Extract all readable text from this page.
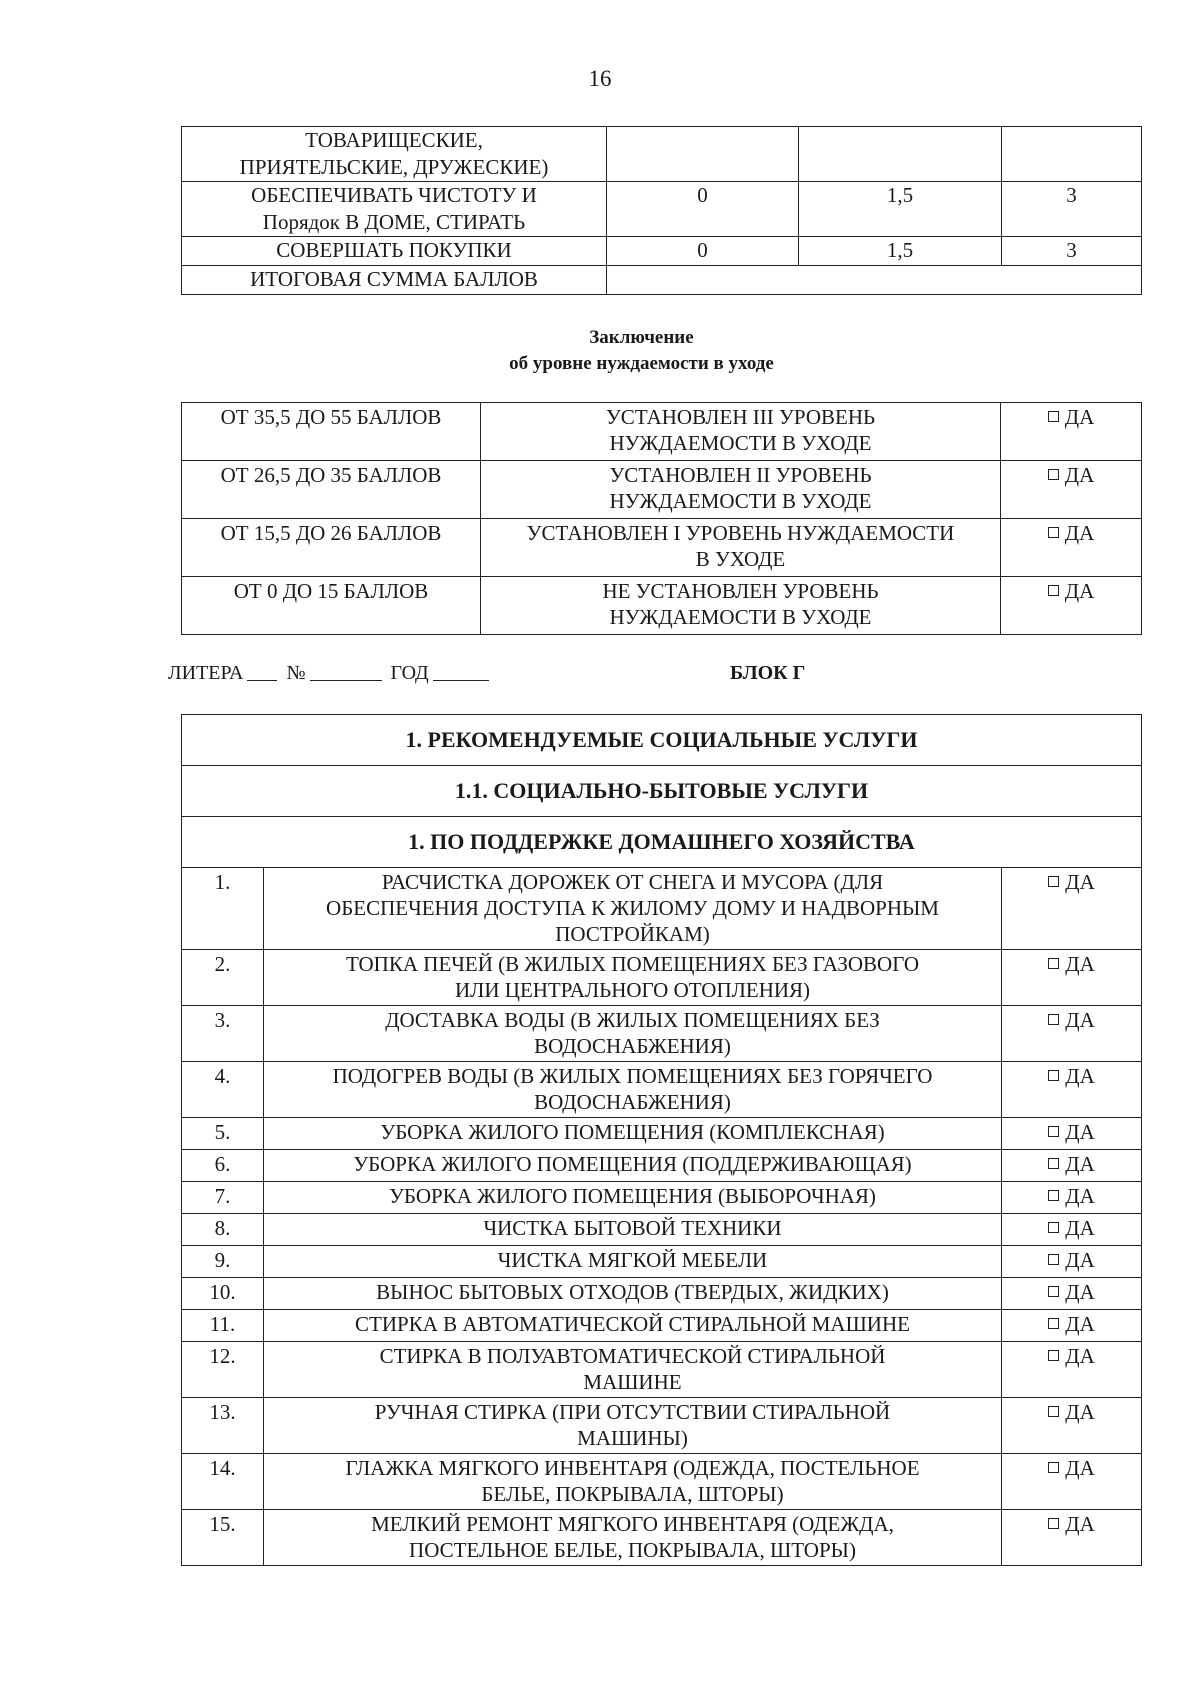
16
ТОВАРИЩЕСКИЕ,
ПРИЯТЕЛЬСКИЕ, ДРУЖЕСКИЕ)			
ОБЕСПЕЧИВАТЬ ЧИСТОТУ И
Порядок В ДОМЕ, СТИРАТЬ	0	1,5	3
СОВЕРШАТЬ ПОКУПКИ	0	1,5	3
ИТОГОВАЯ СУММА БАЛЛОВ			
Заключение
об уровне нуждаемости в уходе
ОТ 35,5 ДО 55 БАЛЛОВ	УСТАНОВЛЕН III УРОВЕНЬ
НУЖДАЕМОСТИ В УХОДЕ	ДА
ОТ 26,5 ДО 35 БАЛЛОВ	УСТАНОВЛЕН II УРОВЕНЬ
НУЖДАЕМОСТИ В УХОДЕ	ДА
ОТ 15,5 ДО 26 БАЛЛОВ	УСТАНОВЛЕН I УРОВЕНЬ НУЖДАЕМОСТИ
В УХОДЕ	ДА
ОТ 0 ДО 15 БАЛЛОВ	НЕ УСТАНОВЛЕН УРОВЕНЬ
НУЖДАЕМОСТИ В УХОДЕ	ДА
ЛИТЕРА №	ГОД	БЛОК Г
1. РЕКОМЕНДУЕМЫЕ СОЦИАЛЬНЫЕ УСЛУГИ		
1.1. СОЦИАЛЬНО-БЫТОВЫЕ УСЛУГИ		
1. ПО ПОДДЕРЖКЕ ДОМАШНЕГО ХОЗЯЙСТВА		
1.	РАСЧИСТКА ДОРОЖЕК ОТ СНЕГА И МУСОРА (ДЛЯ
ОБЕСПЕЧЕНИЯ ДОСТУПА К ЖИЛОМУ ДОМУ И НАДВОРНЫМ
ПОСТРОЙКАМ)	ДА
2.	ТОПКА ПЕЧЕЙ (В ЖИЛЫХ ПОМЕЩЕНИЯХ БЕЗ ГАЗОВОГО
ИЛИ ЦЕНТРАЛЬНОГО ОТОПЛЕНИЯ)	ДА
3.	ДОСТАВКА ВОДЫ (В ЖИЛЫХ ПОМЕЩЕНИЯХ БЕЗ
ВОДОСНАБЖЕНИЯ)	ДА
4.	ПОДОГРЕВ ВОДЫ (В ЖИЛЫХ ПОМЕЩЕНИЯХ БЕЗ ГОРЯЧЕГО
ВОДОСНАБЖЕНИЯ)	ДА
5.	УБОРКА ЖИЛОГО ПОМЕЩЕНИЯ (КОМПЛЕКСНАЯ)	ДА
6.	УБОРКА ЖИЛОГО ПОМЕЩЕНИЯ (ПОДДЕРЖИВАЮЩАЯ)	ДА
7.	УБОРКА ЖИЛОГО ПОМЕЩЕНИЯ (ВЫБОРОЧНАЯ)	ДА
8.	ЧИСТКА БЫТОВОЙ ТЕХНИКИ	ДА
9.	ЧИСТКА МЯГКОЙ МЕБЕЛИ	ДА
10.	ВЫНОС БЫТОВЫХ ОТХОДОВ (ТВЕРДЫХ, ЖИДКИХ)	ДА
11.	СТИРКА В АВТОМАТИЧЕСКОЙ СТИРАЛЬНОЙ МАШИНЕ	ДА
12.	СТИРКА В ПОЛУАВТОМАТИЧЕСКОЙ СТИРАЛЬНОЙ
МАШИНЕ	ДА
13.	РУЧНАЯ СТИРКА (ПРИ ОТСУТСТВИИ СТИРАЛЬНОЙ
МАШИНЫ)	ДА
14.	ГЛАЖКА МЯГКОГО ИНВЕНТАРЯ (ОДЕЖДА, ПОСТЕЛЬНОЕ
БЕЛЬЕ, ПОКРЫВАЛА, ШТОРЫ)	ДА
15.	МЕЛКИЙ РЕМОНТ МЯГКОГО ИНВЕНТАРЯ (ОДЕЖДА,
ПОСТЕЛЬНОЕ БЕЛЬЕ, ПОКРЫВАЛА, ШТОРЫ)	ДА
